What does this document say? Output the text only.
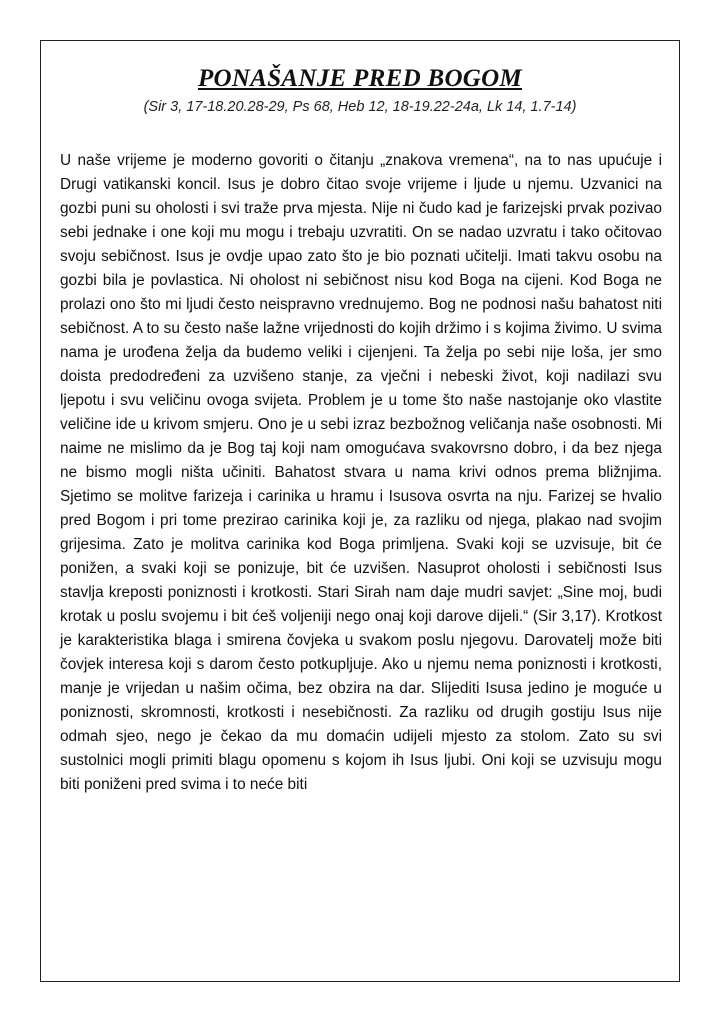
PONAŠANJE PRED BOGOM
(Sir 3, 17-18.20.28-29, Ps 68, Heb 12, 18-19.22-24a, Lk 14, 1.7-14)

U naše vrijeme je moderno govoriti o čitanju „znakova vremena“, na to nas upućuje i Drugi vatikanski koncil. Isus je dobro čitao svoje vrijeme i ljude u njemu. Uzvanici na gozbi puni su oholosti i svi traže prva mjesta. Nije ni čudo kad je farizejski prvak pozivao sebi jednake i one koji mu mogu i trebaju uzvratiti. On se nadao uzvratu i tako očitovao svoju sebičnost. Isus je ovdje upao zato što je bio poznati učitelji. Imati takvu osobu na gozbi bila je povlastica. Ni oholost ni sebičnost nisu kod Boga na cijeni. Kod Boga ne prolazi ono što mi ljudi često neispravno vrednujemo. Bog ne podnosi našu bahatost niti sebičnost. A to su često naše lažne vrijednosti do kojih držimo i s kojima živimo. U svima nama je urođena želja da budemo veliki i cijenjeni. Ta želja po sebi nije loša, jer smo doista predodređeni za uzvišeno stanje, za vječni i nebeski život, koji nadilazi svu ljepotu i svu veličinu ovoga svijeta. Problem je u tome što naše nastojanje oko vlastite veličine ide u krivom smjeru. Ono je u sebi izraz bezbožnog veličanja naše osobnosti. Mi naime ne mislimo da je Bog taj koji nam omogućava svakovrsno dobro, i da bez njega ne bismo mogli ništa učiniti. Bahatost stvara u nama krivi odnos prema bližnjima. Sjetimo se molitve farizeja i carinika u hramu i Isusova osvrta na nju. Farizej se hvalio pred Bogom i pri tome prezirao carinika koji je, za razliku od njega, plakao nad svojim grijesima. Zato je molitva carinika kod Boga primljena. Svaki koji se uzvisuje, bit će ponižen, a svaki koji se ponizuje, bit će uzvišen. Nasuprot oholosti i sebičnosti Isus stavlja kreposti poniznosti i krotkosti. Stari Sirah nam daje mudri savjet: „Sine moj, budi krotak u poslu svojemu i bit ćeš voljeniji nego onaj koji darove dijeli.“ (Sir 3,17). Krotkost je karakteristika blaga i smirena čovjeka u svakom poslu njegovu. Darovatelj može biti čovjek interesa koji s darom često potkupljuje. Ako u njemu nema poniznosti i krotkosti, manje je vrijedan u našim očima, bez obzira na dar. Slijediti Isusa jedino je moguće u poniznosti, skromnosti, krotkosti i nesebičnosti. Za razliku od drugih gostiju Isus nije odmah sjeo, nego je čekao da mu domaćin udijeli mjesto za stolom. Zato su svi sustolnici mogli primiti blagu opomenu s kojom ih Isus ljubi. Oni koji se uzvisuju mogu biti poniženi pred svima i to neće biti
